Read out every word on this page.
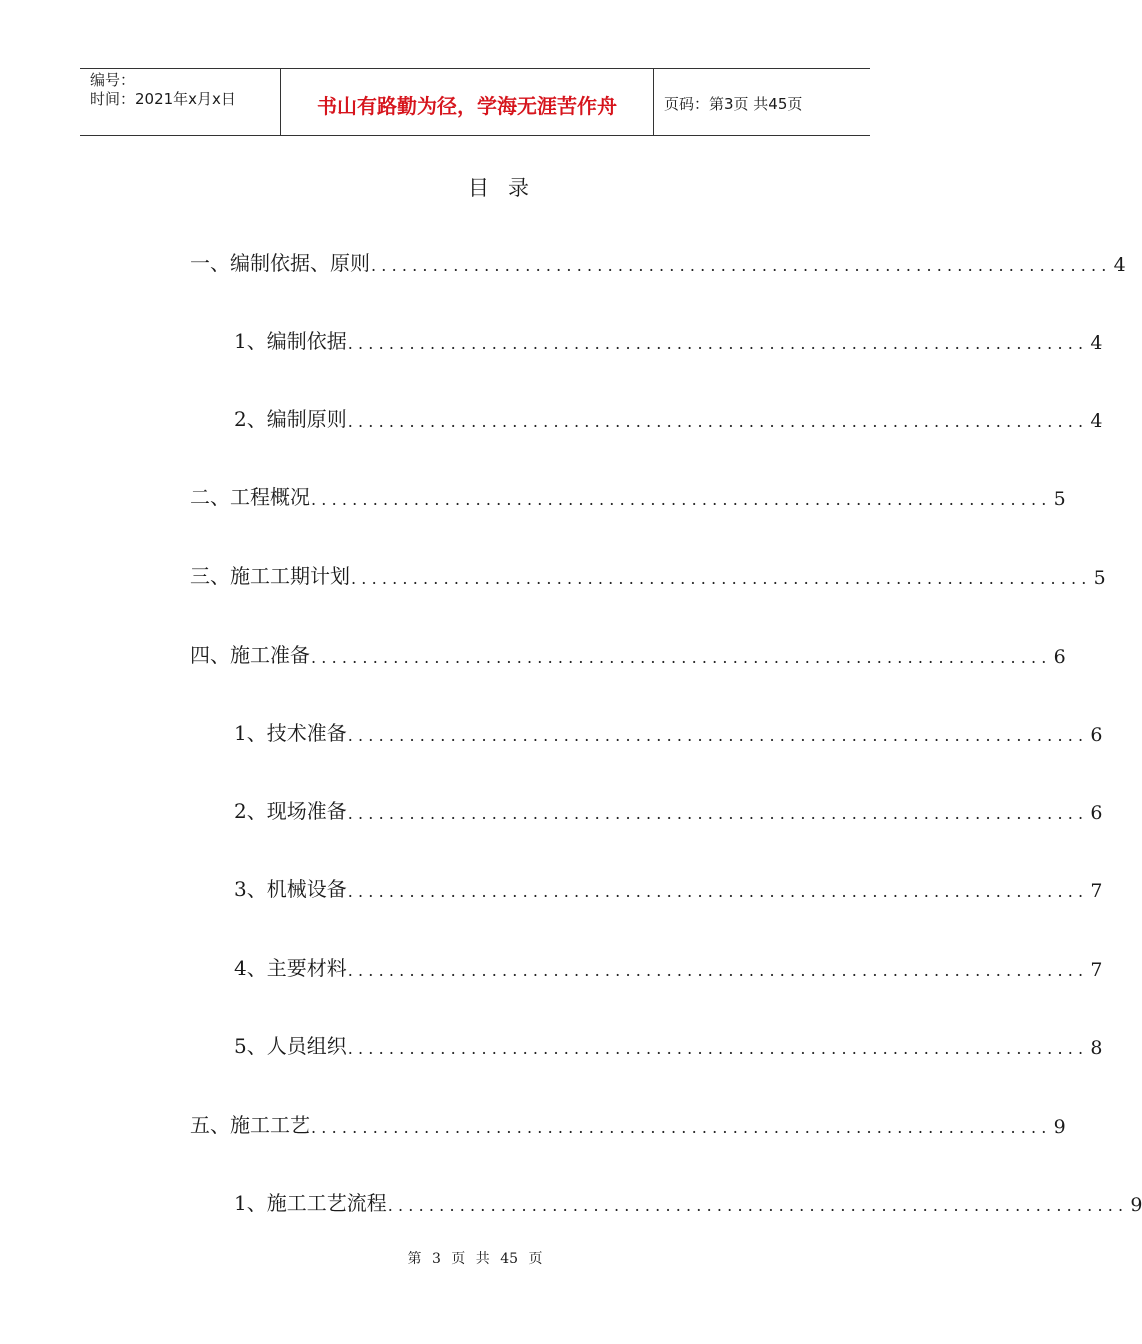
编号：
时间：2021年x月x日	书山有路勤为径，学海无涯苦作舟	页码：第3页 共45页
目 录
一、编制依据、原则 ........................................................................ 4
1、编制依据 ........................................................................ 4
2、编制原则 ........................................................................ 4
二、工程概况 ........................................................................ 5
三、施工工期计划 ........................................................................ 5
四、施工准备 ........................................................................ 6
1、技术准备 ........................................................................ 6
2、现场准备 ........................................................................ 6
3、机械设备 ........................................................................ 7
4、主要材料 ........................................................................ 7
5、人员组织 ........................................................................ 8
五、施工工艺 ........................................................................ 9
1、施工工艺流程 ........................................................................ 9
第 3 页 共 45 页
